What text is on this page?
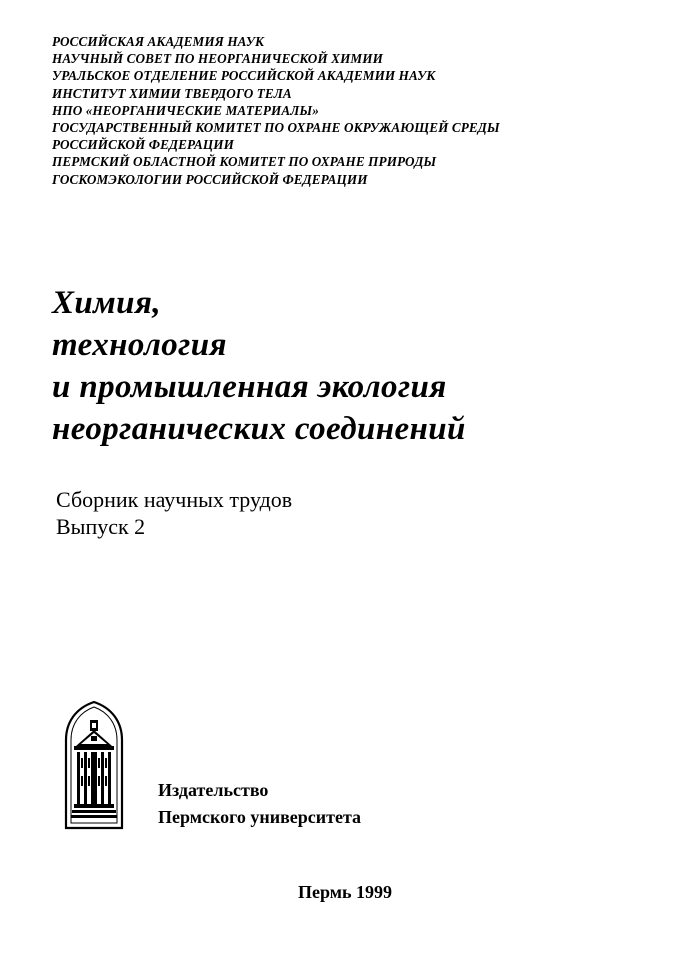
РОССИЙСКАЯ АКАДЕМИЯ НАУК
НАУЧНЫЙ СОВЕТ ПО НЕОРГАНИЧЕСКОЙ ХИМИИ
УРАЛЬСКОЕ ОТДЕЛЕНИЕ РОССИЙСКОЙ АКАДЕМИИ НАУК
ИНСТИТУТ ХИМИИ ТВЕРДОГО ТЕЛА
НПО «НЕОРГАНИЧЕСКИЕ МАТЕРИАЛЫ»
ГОСУДАРСТВЕННЫЙ КОМИТЕТ ПО ОХРАНЕ ОКРУЖАЮЩЕЙ СРЕДЫ
РОССИЙСКОЙ ФЕДЕРАЦИИ
ПЕРМСКИЙ ОБЛАСТНОЙ КОМИТЕТ ПО ОХРАНЕ ПРИРОДЫ
ГОСКОМЭКОЛОГИИ РОССИЙСКОЙ ФЕДЕРАЦИИ
Химия,
технология
и промышленная экология
неорганических соединений
Сборник научных трудов
Выпуск 2
Издательство
Пермского университета
Пермь 1999
